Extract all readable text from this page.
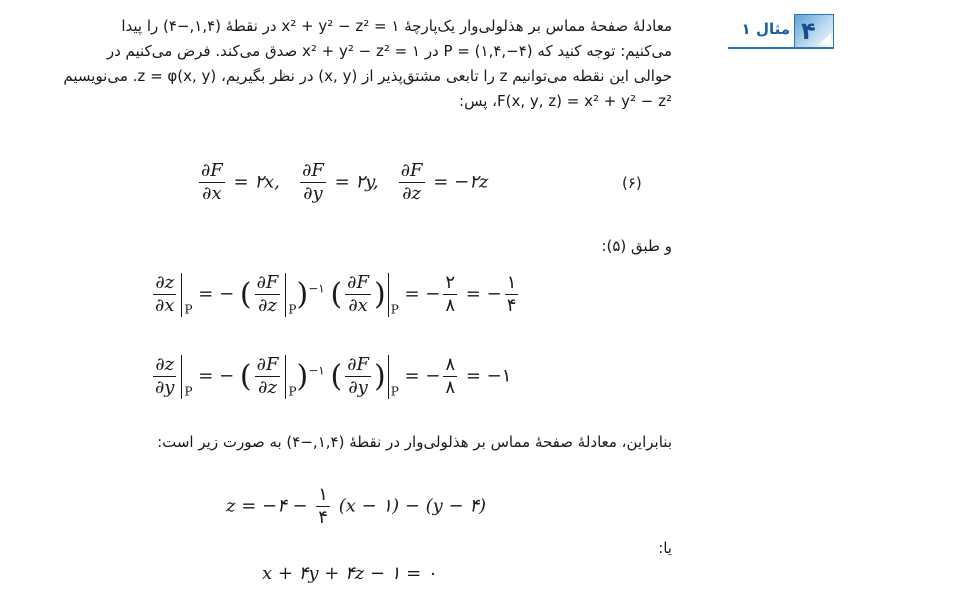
۱ مثال ۴
معادلهٔ صفحهٔ مماس بر هذلولی‌وار یک‌پارچهٔ ۱ = x² + y² − z² در نقطهٔ (۱,۴,−۴) را پیدا
می‌کنیم: توجه کنید که P = (۱,۴,−۴) در x² + y² − z² = ۱ صدق می‌کند. فرض می‌کنیم در
حوالی این نقطه می‌توانیم z را تابعی مشتق‌پذیر از (x, y) در نظر بگیریم، z = φ(x, y). می‌نویسیم
F(x, y, z) = x² + y² − z²، پس:
$\frac{\partial F}{\partial x}$ = ۲x, $\frac{\partial F}{\partial y}$ = ۲y, $\frac{\partial F}{\partial z}$ = −۲z	(۶)
و طبق (۵):
$\frac{\partial z}{\partial x} _P$ = − ( $\frac{\partial F}{\partial z} _P)^{-۱}$ ( $\frac{\partial F}{\partial x}$ ) $_P$ = − $\frac{۲}{۸}$ = − $\frac{۱}{۴}$
$\frac{\partial z}{\partial y} _P$ = − ( $\frac{\partial F}{\partial z} _P)^{-۱}$ ( $\frac{\partial F}{\partial y}$ ) $_P$ = − $\frac{۸}{۸}$ = −۱
بنابراین، معادلهٔ صفحهٔ مماس بر هذلولی‌وار در نقطهٔ (۱,۴,−۴) به صورت زیر است:
z = −۴ − $\frac{۱}{۴} (x$ − ۱) − (y − ۴)
یا:
x + ۴y + ۴z − ۱ = ۰
